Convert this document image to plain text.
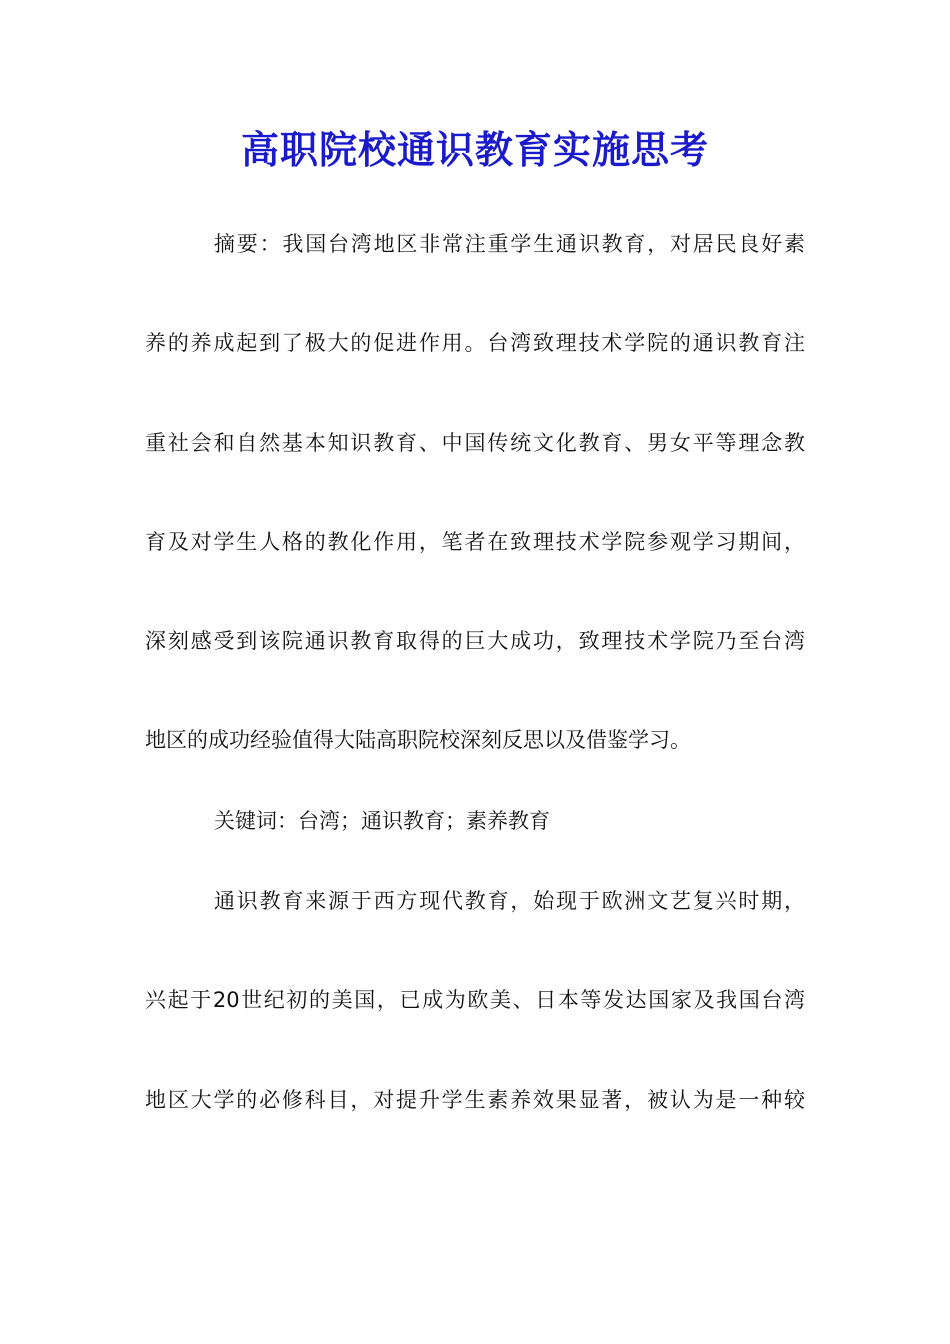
高职院校通识教育实施思考
摘要：我国台湾地区非常注重学生通识教育，对居民良好素
养的养成起到了极大的促进作用。台湾致理技术学院的通识教育注
重社会和自然基本知识教育、中国传统文化教育、男女平等理念教
育及对学生人格的教化作用，笔者在致理技术学院参观学习期间，
深刻感受到该院通识教育取得的巨大成功，致理技术学院乃至台湾
地区的成功经验值得大陆高职院校深刻反思以及借鉴学习。
关键词：台湾；通识教育；素养教育
通识教育来源于西方现代教育，始现于欧洲文艺复兴时期，
兴起于20世纪初的美国，已成为欧美、日本等发达国家及我国台湾
地区大学的必修科目，对提升学生素养效果显著，被认为是一种较
